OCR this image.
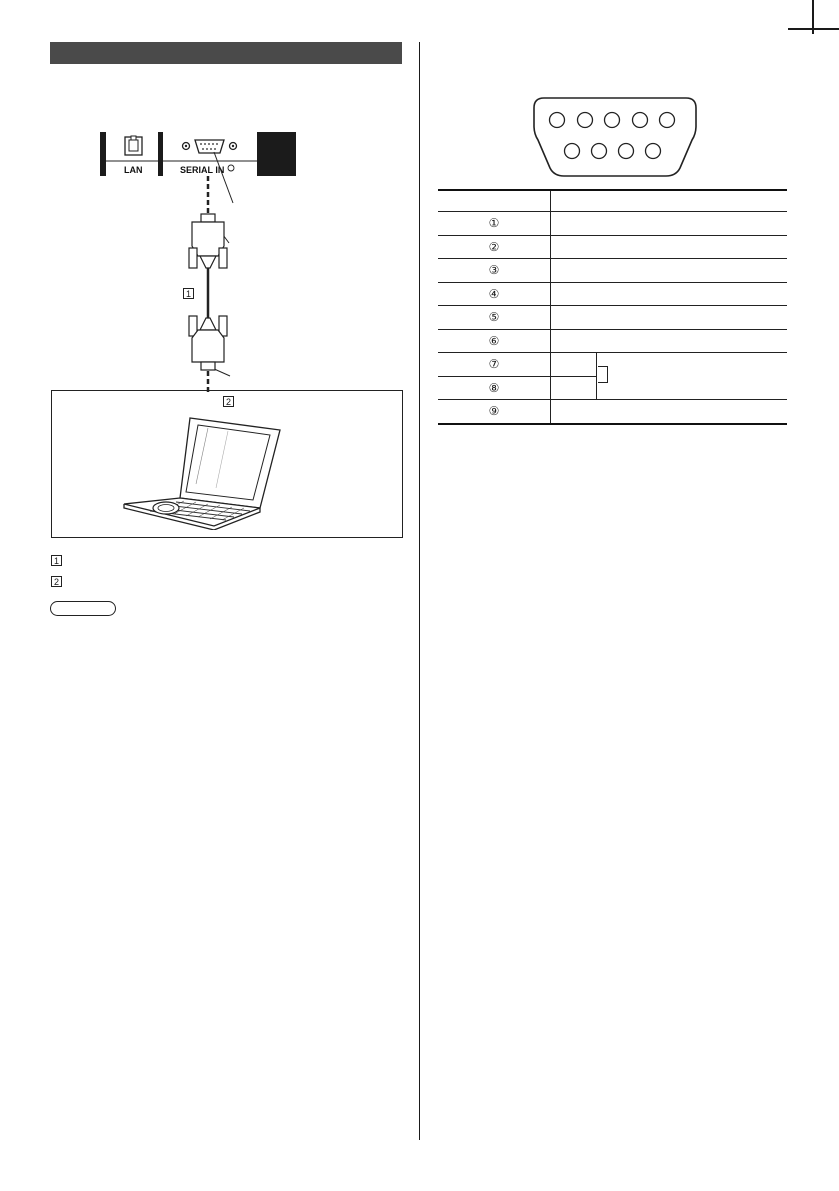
LAN	SERIAL IN
1
2
1
2

①		
②		
③		
④		
⑤		
⑥		
⑦		
⑧		
⑨		
